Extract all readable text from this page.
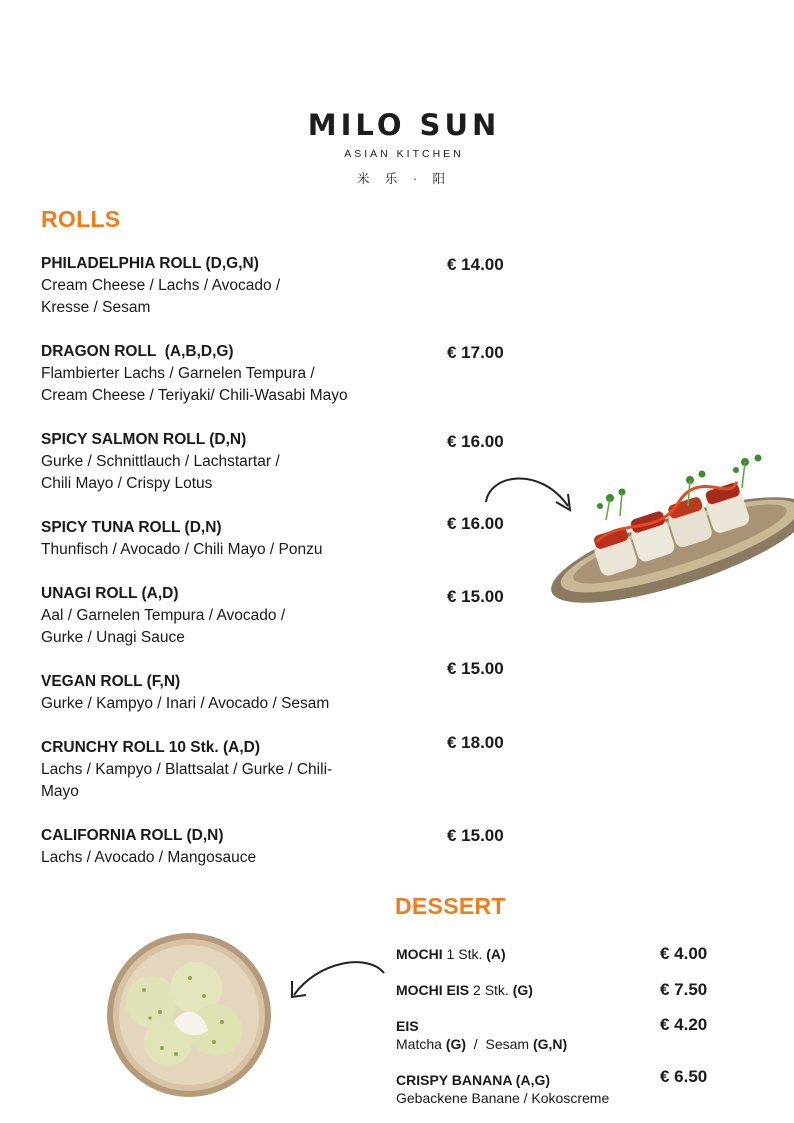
MILO SUN
ASIAN KITCHEN
米 乐 · 阳
ROLLS
PHILADELPHIA ROLL (D,G,N)
Cream Cheese / Lachs / Avocado /
Kresse / Sesam
€ 14.00
DRAGON ROLL  (A,B,D,G)
Flambierter Lachs / Garnelen Tempura /
Cream Cheese / Teriyaki/ Chili-Wasabi Mayo
€ 17.00
SPICY SALMON ROLL (D,N)
Gurke / Schnittlauch / Lachstartar /
Chili Mayo / Crispy Lotus
€ 16.00
SPICY TUNA ROLL (D,N)
Thunfisch / Avocado / Chili Mayo / Ponzu
€ 16.00
UNAGI ROLL (A,D)
Aal / Garnelen Tempura / Avocado /
Gurke / Unagi Sauce
€ 15.00
VEGAN ROLL (F,N)
Gurke / Kampyo / Inari / Avocado / Sesam
€ 15.00
CRUNCHY ROLL 10 Stk. (A,D)
Lachs / Kampyo / Blattsalat / Gurke / Chili-
Mayo
€ 18.00
CALIFORNIA ROLL (D,N)
Lachs / Avocado / Mangosauce
€ 15.00
DESSERT
MOCHI 1 Stk. (A)	€ 4.00
MOCHI EIS 2 Stk. (G)	€ 7.50
EIS
Matcha (G)  /  Sesam (G,N)
€ 4.20
CRISPY BANANA (A,G)
Gebackene Banane / Kokoscreme
€ 6.50
